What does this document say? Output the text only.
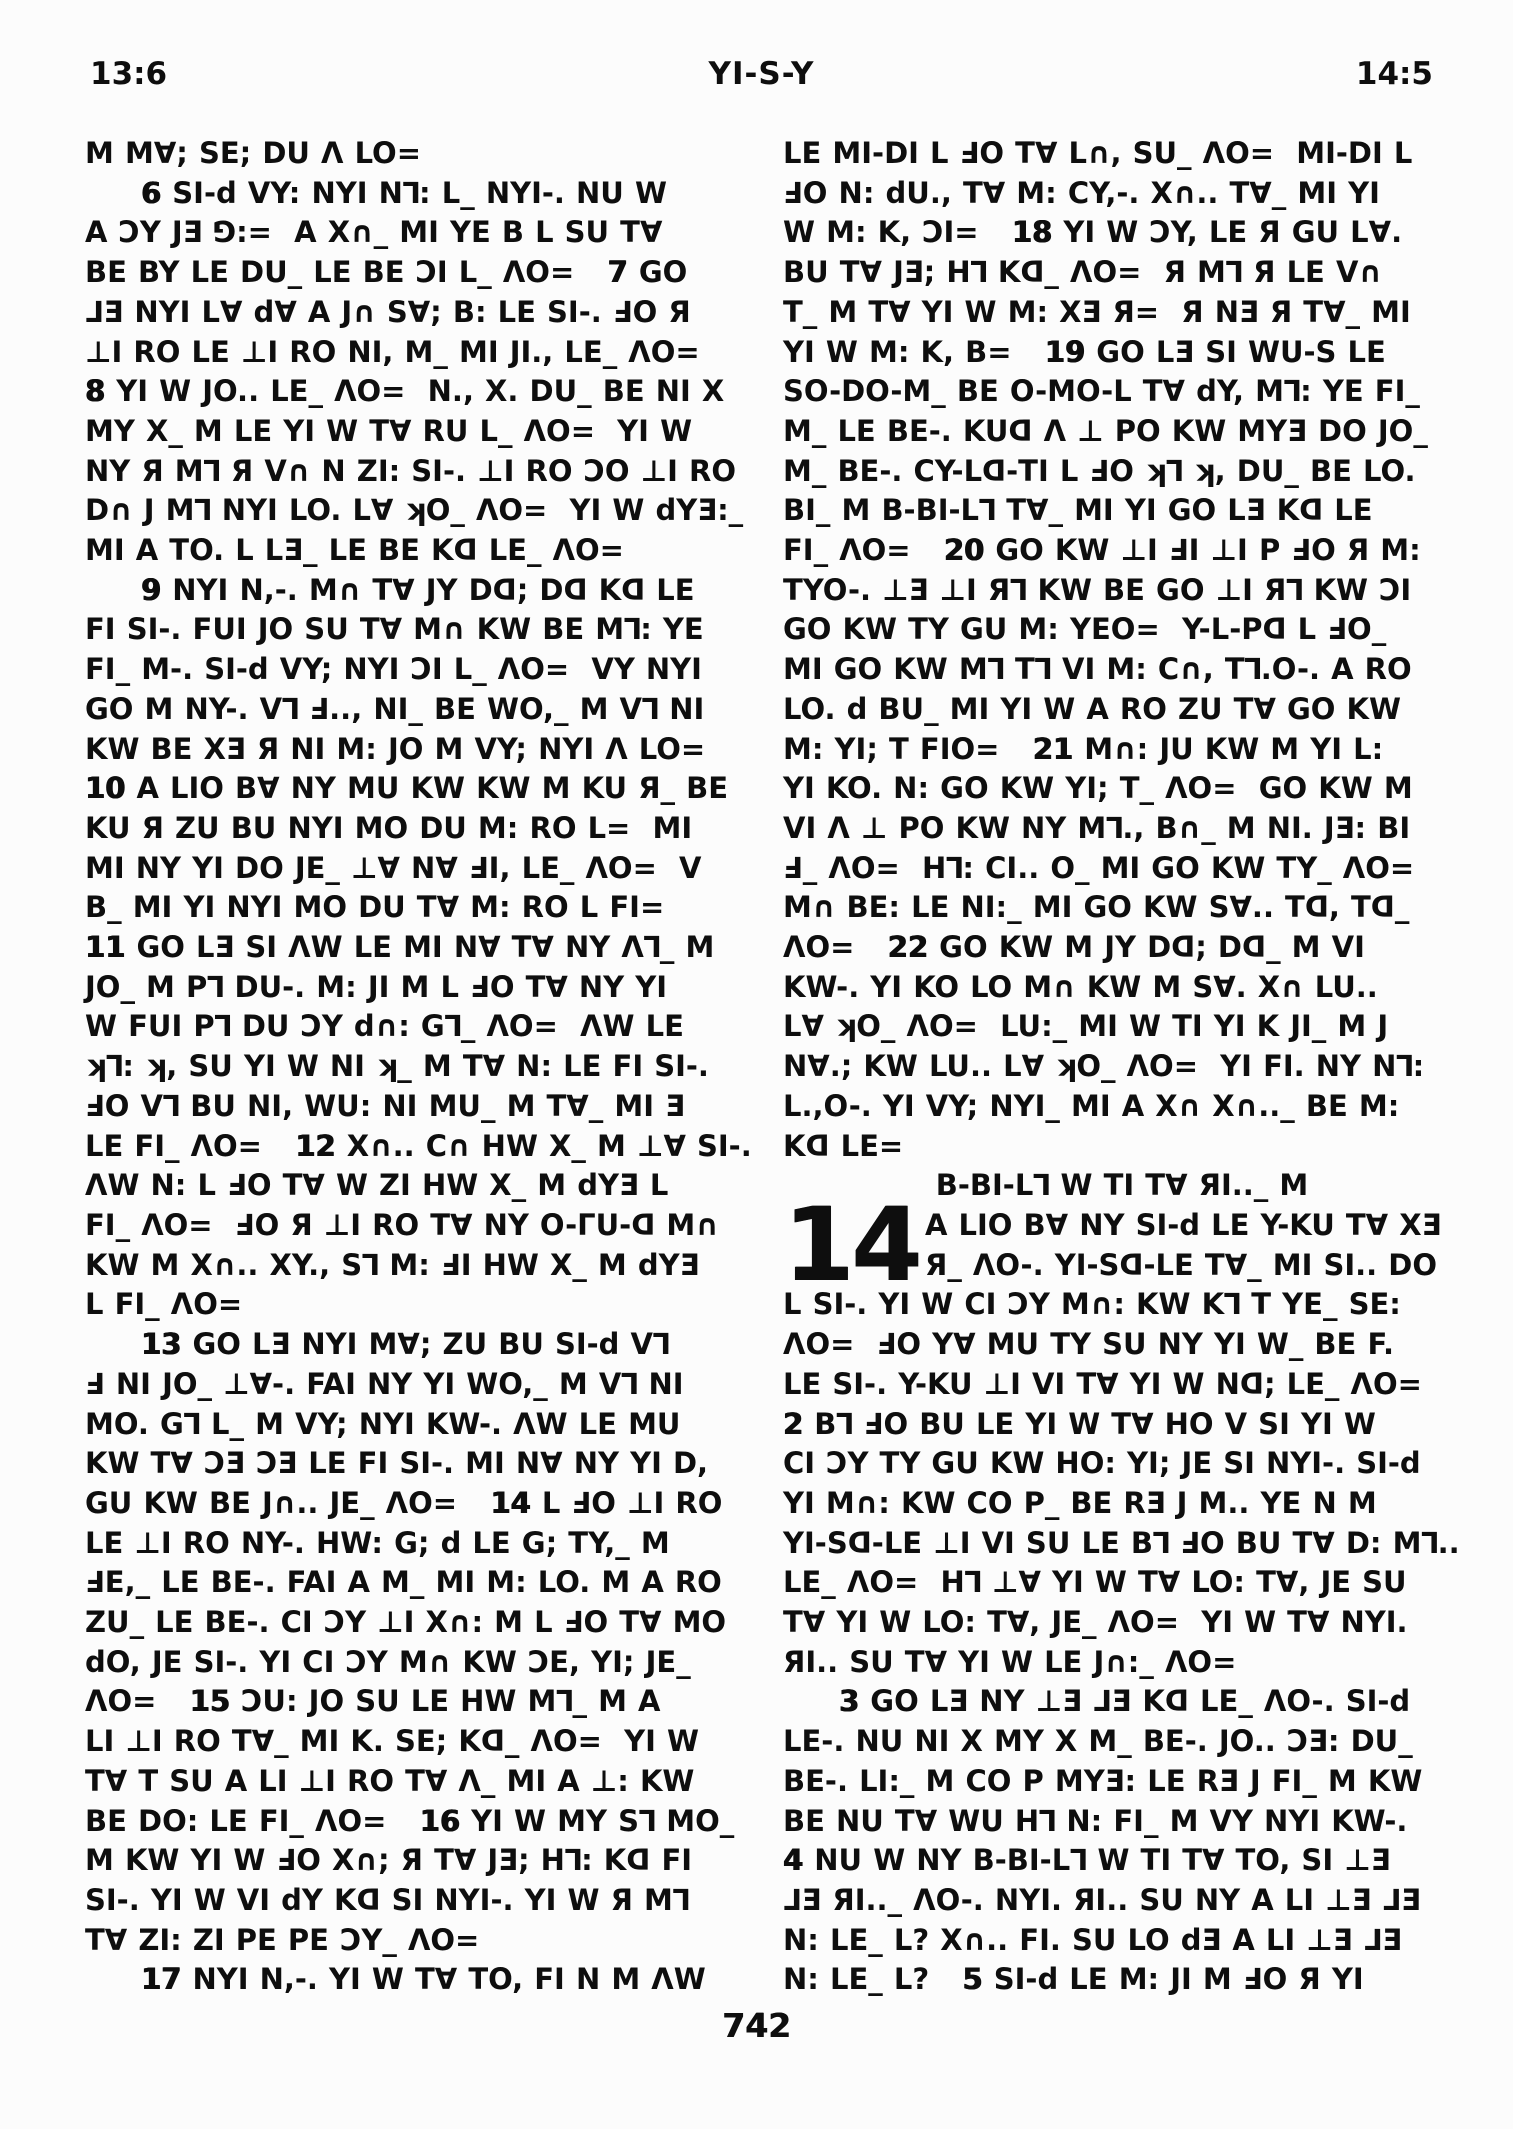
13:6	YI-S-Y	14:5
M M∀; SE; DU Λ LO=
6 SI-d VY: NYI N⅂: L_ NYI-. NU W
A ƆY JƎ ⅁:=  A X∩_ MI YE B L SU T∀
BE BY LE DU_ LE BE ƆI L_ ΛO=   7 GO
⅃Ǝ NYI L∀ d∀ A J∩ S∀; B: LE SI-. ℲO Я
⊥I RO LE ⊥I RO NI, M_ MI JI., LE_ ΛO=
8 YI W JO.. LE_ ΛO=  N., X. DU_ BE NI X
MY X_ M LE YI W T∀ RU L_ ΛO=  YI W
NY Я M⅂ Я V∩ N ZI: SI-. ⊥I RO ƆO ⊥I RO
D∩ J M⅂ NYI LO. L∀ ʞO_ ΛO=  YI W dYƎ:_
MI A TO. L LƎ_ LE BE Kᗡ LE_ ΛO=
9 NYI N,-. M∩ T∀ JY Dᗡ; Dᗡ Kᗡ LE
FI SI-. FUI JO SU T∀ M∩ KW BE M⅂: YE
FI_ M-. SI-d VY; NYI ƆI L_ ΛO=  VY NYI
GO M NY-. V⅂ Ⅎ.., NI_ BE WO,_ M V⅂ NI
KW BE XƎ Я NI M: JO M VY; NYI Λ LO=
10 A LIO B∀ NY MU KW KW M KU Я_ BE
KU Я ZU BU NYI MO DU M: RO L=  MI
MI NY YI DO JE_ ⊥∀ N∀ ℲI, LE_ ΛO=  V
B_ MI YI NYI MO DU T∀ M: RO L FI=
11 GO LƎ SI ΛW LE MI N∀ T∀ NY Λ⅂_ M
JO_ M P⅂ DU-. M: JI M L ℲO T∀ NY YI
W FUI P⅂ DU ƆY d∩: G⅂_ ΛO=  ΛW LE
ʞ⅂: ʞ, SU YI W NI ʞ_ M T∀ N: LE FI SI-.
ℲO V⅂ BU NI, WU: NI MU_ M T∀_ MI Ǝ
LE FI_ ΛO=   12 X∩.. C∩ HW X_ M ⊥∀ SI-.
ΛW N: L ℲO T∀ W ZI HW X_ M dYƎ L
FI_ ΛO=  ℲO Я ⊥I RO T∀ NY O-ΓU-ᗡ M∩
KW M X∩.. XY., S⅂ M: ℲI HW X_ M dYƎ
L FI_ ΛO=
13 GO LƎ NYI M∀; ZU BU SI-d V⅂
Ⅎ NI JO_ ⊥∀-. FAI NY YI WO,_ M V⅂ NI
MO. G⅂ L_ M VY; NYI KW-. ΛW LE MU
KW T∀ ƆƎ ƆƎ LE FI SI-. MI N∀ NY YI D,
GU KW BE J∩.. JE_ ΛO=   14 L ℲO ⊥I RO
LE ⊥I RO NY-. HW: G; d LE G; TY,_ M
ℲE,_ LE BE-. FAI A M_ MI M: LO. M A RO
ZU_ LE BE-. CI ƆY ⊥I X∩: M L ℲO T∀ MO
dO, JE SI-. YI CI ƆY M∩ KW ƆE, YI; JE_
ΛO=   15 ƆU: JO SU LE HW M⅂_ M A
LI ⊥I RO T∀_ MI K. SE; Kᗡ_ ΛO=  YI W
T∀ T SU A LI ⊥I RO T∀ Λ_ MI A ⊥: KW
BE DO: LE FI_ ΛO=   16 YI W MY S⅂ MO_
M KW YI W ℲO X∩; Я T∀ JƎ; H⅂: Kᗡ FI
SI-. YI W VI dY Kᗡ SI NYI-. YI W Я M⅂
T∀ ZI: ZI PE PE ƆY_ ΛO=
17 NYI N,-. YI W T∀ TO, FI N M ΛW
LE MI-DI L ℲO T∀ L∩, SU_ ΛO=  MI-DI L
ℲO N: dU., T∀ M: CY,-. X∩.. T∀_ MI YI
W M: K, ƆI=   18 YI W ƆY, LE Я GU L∀.
BU T∀ JƎ; H⅂ Kᗡ_ ΛO=  Я M⅂ Я LE V∩
T_ M T∀ YI W M: XƎ Я=  Я NƎ Я T∀_ MI
YI W M: K, B=   19 GO LƎ SI WU-S LE
SO-DO-M_ BE O-MO-L T∀ dY, M⅂: YE FI_
M_ LE BE-. KUᗡ Λ ⊥ PO KW MYƎ DO JO_
M_ BE-. CY-Lᗡ-TI L ℲO ʞ⅂ ʞ, DU_ BE LO.
BI_ M B-BI-L⅂ T∀_ MI YI GO LƎ Kᗡ LE
FI_ ΛO=   20 GO KW ⊥I ℲI ⊥I P ℲO Я M:
TYO-. ⊥Ǝ ⊥I Я⅂ KW BE GO ⊥I Я⅂ KW ƆI
GO KW TY GU M: YEO=  Y-L-Pᗡ L ℲO_
MI GO KW M⅂ T⅂ VI M: C∩, T⅂.O-. A RO
LO. d BU_ MI YI W A RO ZU T∀ GO KW
M: YI; T FIO=   21 M∩: JU KW M YI L:
YI KO. N: GO KW YI; T_ ΛO=  GO KW M
VI Λ ⊥ PO KW NY M⅂., B∩_ M NI. JƎ: BI
Ⅎ_ ΛO=  H⅂: CI.. O_ MI GO KW TY_ ΛO=
M∩ BE: LE NI:_ MI GO KW S∀.. Tᗡ, Tᗡ_
ΛO=   22 GO KW M JY Dᗡ; Dᗡ_ M VI
KW-. YI KO LO M∩ KW M S∀. X∩ LU..
L∀ ʞO_ ΛO=  LU:_ MI W TI YI K JI_ M J
N∀.; KW LU.. L∀ ʞO_ ΛO=  YI FI. NY N⅂:
L.,O-. YI VY; NYI_ MI A X∩ X∩.._ BE M:
Kᗡ LE=
B-BI-L⅂ W TI T∀ ЯI.._ M
14 A LIO B∀ NY SI-d LE Y-KU T∀ XƎ
Я_ ΛO-. YI-Sᗡ-LE T∀_ MI SI.. DO
L SI-. YI W CI ƆY M∩: KW K⅂ T YE_ SE:
ΛO=  ℲO Y∀ MU TY SU NY YI W_ BE F.
LE SI-. Y-KU ⊥I VI T∀ YI W Nᗡ; LE_ ΛO=
2 B⅂ ℲO BU LE YI W T∀ HO V SI YI W
CI ƆY TY GU KW HO: YI; JE SI NYI-. SI-d
YI M∩: KW CO P_ BE RƎ J M.. YE N M
YI-Sᗡ-LE ⊥I VI SU LE B⅂ ℲO BU T∀ D: M⅂..
LE_ ΛO=  H⅂ ⊥∀ YI W T∀ LO: T∀, JE SU
T∀ YI W LO: T∀, JE_ ΛO=  YI W T∀ NYI.
ЯI.. SU T∀ YI W LE J∩:_ ΛO=
3 GO LƎ NY ⊥Ǝ ⅃Ǝ Kᗡ LE_ ΛO-. SI-d
LE-. NU NI X MY X M_ BE-. JO.. ƆƎ: DU_
BE-. LI:_ M CO P MYƎ: LE RƎ J FI_ M KW
BE NU T∀ WU H⅂ N: FI_ M VY NYI KW-.
4 NU W NY B-BI-L⅂ W TI T∀ TO, SI ⊥Ǝ
⅃Ǝ ЯI.._ ΛO-. NYI. ЯI.. SU NY A LI ⊥Ǝ ⅃Ǝ
N: LE_ L? X∩.. FI. SU LO dƎ A LI ⊥Ǝ ⅃Ǝ
N: LE_ L?   5 SI-d LE M: JI M ℲO Я YI
742
